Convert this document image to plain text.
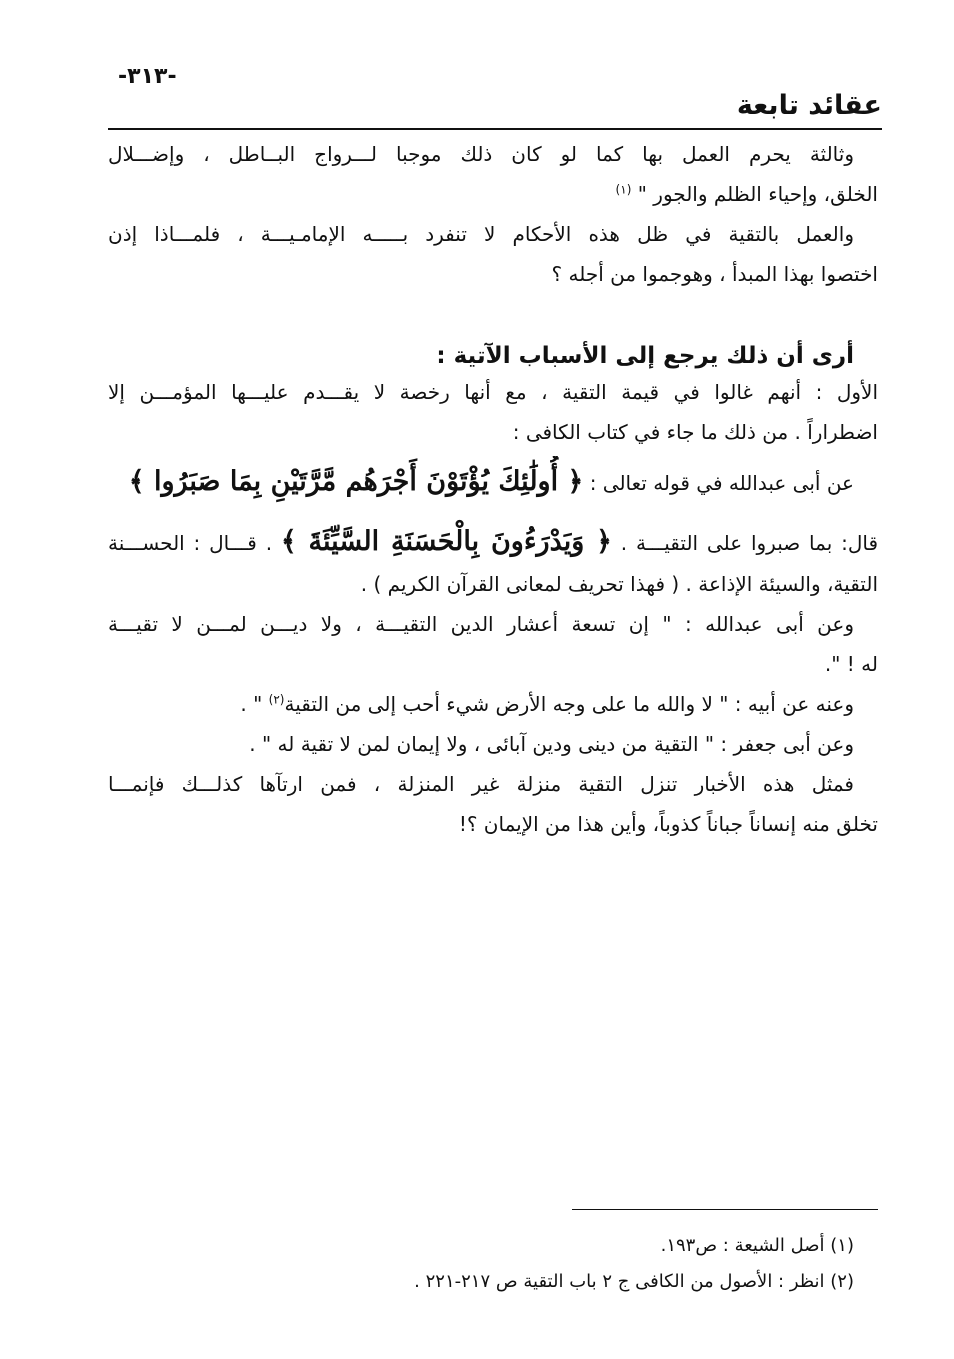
-٣١٣-
عقائد تابعة
وثالثة يحرم العمل بها كما لو كان ذلك موجبا لـــرواج البــاطل ، وإضـــلال
الخلق، وإحياء الظلم والجور " $^{(١)}$
والعمل بالتقية في ظل هذه الأحكام لا تنفرد بـــــه الإمامـيـــة ، فلمـــاذا إذن
اختصوا بهذا المبدأ ، وهوجموا من أجله ؟
أرى أن ذلك يرجع إلى الأسباب الآتية :
الأول : أنهم غالوا في قيمة التقية ، مع أنها رخصة لا يقـــدم عليـــها المؤمـــن إلا
اضطراراً . من ذلك ما جاء في كتاب الكافى :
عن أبى عبدالله في قوله تعالى : ﴿ أُولَٰئِكَ يُؤْتَوْنَ أَجْرَهُم مَّرَّتَيْنِ بِمَا صَبَرُوا ﴾
قال: بما صبروا على التقيـــة . ﴿ وَيَدْرَءُونَ بِالْحَسَنَةِ السَّيِّئَةَ ﴾ . قـــال : الحســـنة
التقية، والسيئة الإذاعة . ( فهذا تحريف لمعانى القرآن الكريم ) .
وعن أبى عبدالله : " إن تسعة أعشار الدين التقيـــة ، ولا ديـــن لمـــن لا تقيـــة
له ! ".
وعنه عن أبيه : " لا والله ما على وجه الأرض شيء أحب إلى من التقية$^{(٢)}$ " .
وعن أبى جعفر : " التقية من دينى ودين آبائى ، ولا إيمان لمن لا تقية له " .
فمثل هذه الأخبار تنزل التقية منزلة غير المنزلة ، فمن ارتآها كذلـــك فإنمـــا
تخلق منه إنساناً جباناً كذوباً، وأين هذا من الإيمان ؟!
(١) أصل الشيعة : ص١٩٣.
(٢) انظر : الأصول من الكافى ج ٢ باب التقية ص ٢١٧-٢٢١ .
